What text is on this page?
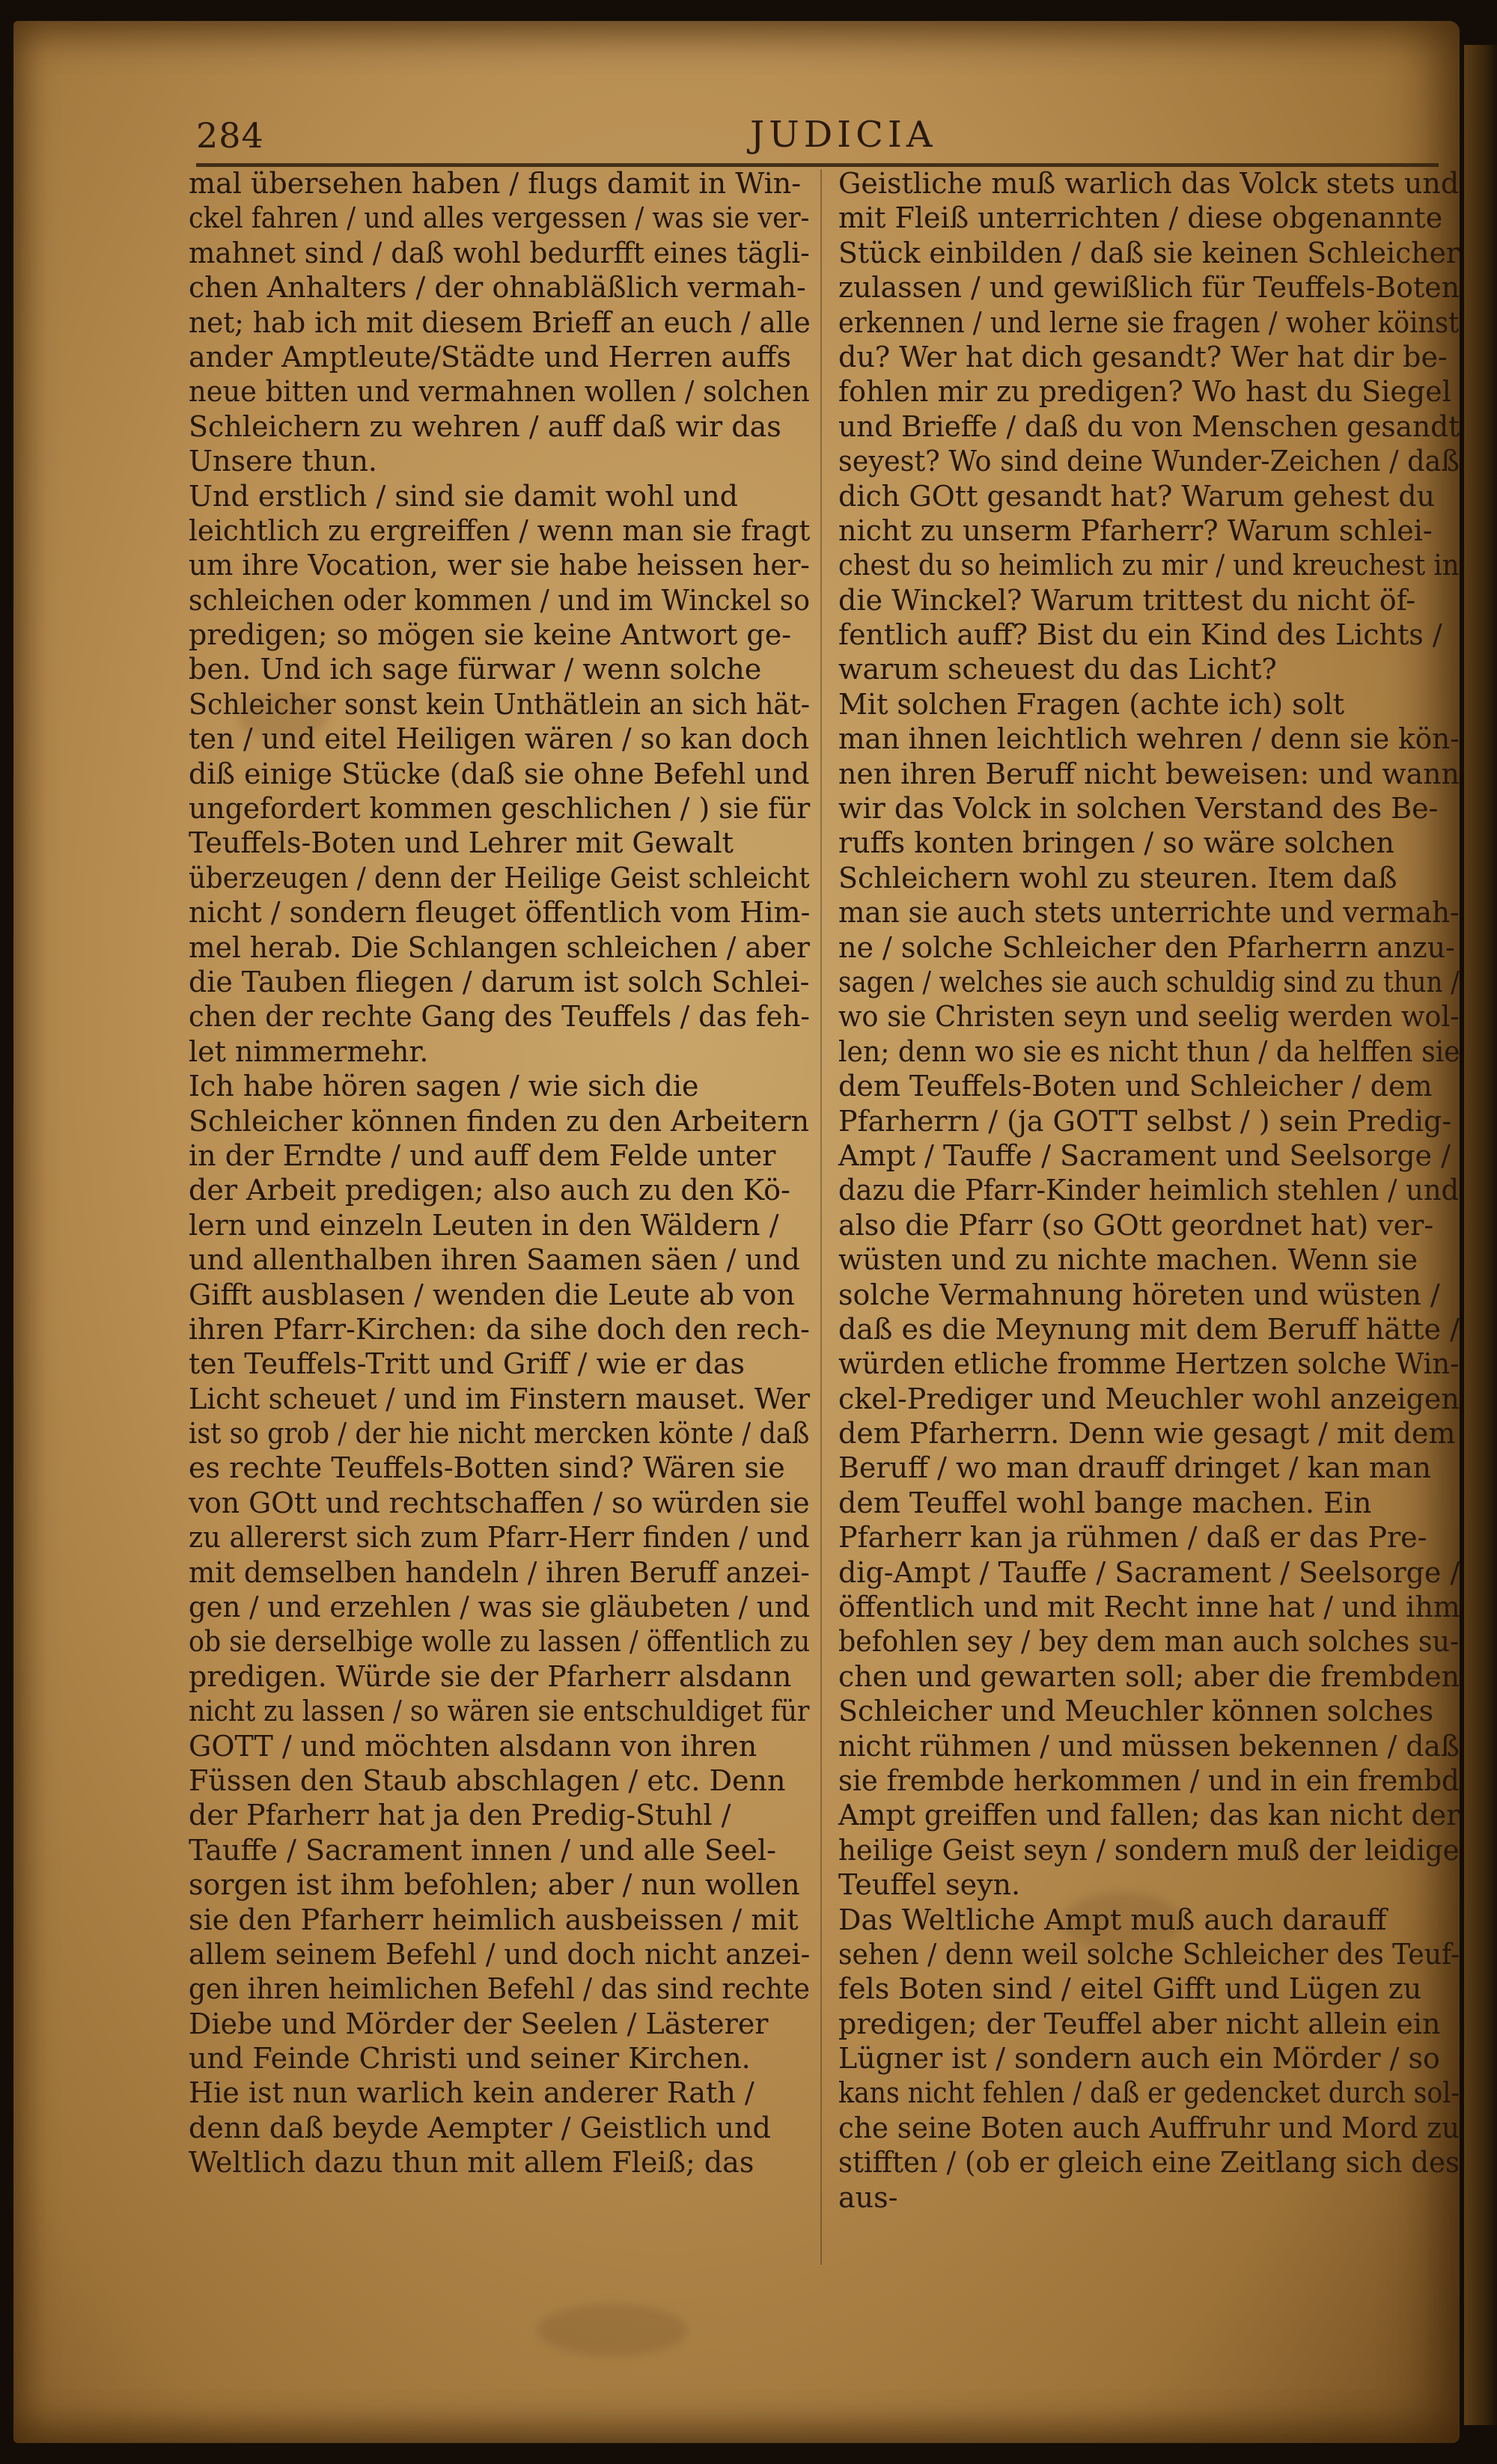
284	JUDICIA
mal übersehen haben / flugs damit in Win-
ckel fahren / und alles vergessen / was sie ver-
mahnet sind / daß wohl bedurfft eines tägli-
chen Anhalters / der ohnabläßlich vermah-
net; hab ich mit diesem Brieff an euch / alle
ander Amptleute/Städte und Herren auffs
neue bitten und vermahnen wollen / solchen
Schleichern zu wehren / auff daß wir das
Unsere thun.
Und erstlich / sind sie damit wohl und
leichtlich zu ergreiffen / wenn man sie fragt
um ihre Vocation, wer sie habe heissen her-
schleichen oder kommen / und im Winckel so
predigen; so mögen sie keine Antwort ge-
ben. Und ich sage fürwar / wenn solche
Schleicher sonst kein Unthätlein an sich hät-
ten / und eitel Heiligen wären / so kan doch
diß einige Stücke (daß sie ohne Befehl und
ungefordert kommen geschlichen / ) sie für
Teuffels-Boten und Lehrer mit Gewalt
überzeugen / denn der Heilige Geist schleicht
nicht / sondern fleuget öffentlich vom Him-
mel herab. Die Schlangen schleichen / aber
die Tauben fliegen / darum ist solch Schlei-
chen der rechte Gang des Teuffels / das feh-
let nimmermehr.
Ich habe hören sagen / wie sich die
Schleicher können finden zu den Arbeitern
in der Erndte / und auff dem Felde unter
der Arbeit predigen; also auch zu den Kö-
lern und einzeln Leuten in den Wäldern /
und allenthalben ihren Saamen säen / und
Gifft ausblasen / wenden die Leute ab von
ihren Pfarr-Kirchen: da sihe doch den rech-
ten Teuffels-Tritt und Griff / wie er das
Licht scheuet / und im Finstern mauset. Wer
ist so grob / der hie nicht mercken könte / daß
es rechte Teuffels-Botten sind? Wären sie
von GOtt und rechtschaffen / so würden sie
zu allererst sich zum Pfarr-Herr finden / und
mit demselben handeln / ihren Beruff anzei-
gen / und erzehlen / was sie gläubeten / und
ob sie derselbige wolle zu lassen / öffentlich zu
predigen. Würde sie der Pfarherr alsdann
nicht zu lassen / so wären sie entschuldiget für
GOTT / und möchten alsdann von ihren
Füssen den Staub abschlagen / etc. Denn
der Pfarherr hat ja den Predig-Stuhl /
Tauffe / Sacrament innen / und alle Seel-
sorgen ist ihm befohlen; aber / nun wollen
sie den Pfarherr heimlich ausbeissen / mit
allem seinem Befehl / und doch nicht anzei-
gen ihren heimlichen Befehl / das sind rechte
Diebe und Mörder der Seelen / Lästerer
und Feinde Christi und seiner Kirchen.
Hie ist nun warlich kein anderer Rath /
denn daß beyde Aempter / Geistlich und
Weltlich dazu thun mit allem Fleiß; das
Geistliche muß warlich das Volck stets und
mit Fleiß unterrichten / diese obgenannte
Stück einbilden / daß sie keinen Schleicher
zulassen / und gewißlich für Teuffels-Boten
erkennen / und lerne sie fragen / woher köinst
du? Wer hat dich gesandt? Wer hat dir be-
fohlen mir zu predigen? Wo hast du Siegel
und Brieffe / daß du von Menschen gesandt
seyest? Wo sind deine Wunder-Zeichen / daß
dich GOtt gesandt hat? Warum gehest du
nicht zu unserm Pfarherr? Warum schlei-
chest du so heimlich zu mir / und kreuchest in
die Winckel? Warum trittest du nicht öf-
fentlich auff? Bist du ein Kind des Lichts /
warum scheuest du das Licht?
Mit solchen Fragen (achte ich) solt
man ihnen leichtlich wehren / denn sie kön-
nen ihren Beruff nicht beweisen: und wann
wir das Volck in solchen Verstand des Be-
ruffs konten bringen / so wäre solchen
Schleichern wohl zu steuren. Item daß
man sie auch stets unterrichte und vermah-
ne / solche Schleicher den Pfarherrn anzu-
sagen / welches sie auch schuldig sind zu thun /
wo sie Christen seyn und seelig werden wol-
len; denn wo sie es nicht thun / da helffen sie
dem Teuffels-Boten und Schleicher / dem
Pfarherrn / (ja GOTT selbst / ) sein Predig-
Ampt / Tauffe / Sacrament und Seelsorge /
dazu die Pfarr-Kinder heimlich stehlen / und
also die Pfarr (so GOtt geordnet hat) ver-
wüsten und zu nichte machen. Wenn sie
solche Vermahnung höreten und wüsten /
daß es die Meynung mit dem Beruff hätte /
würden etliche fromme Hertzen solche Win-
ckel-Prediger und Meuchler wohl anzeigen
dem Pfarherrn. Denn wie gesagt / mit dem
Beruff / wo man drauff dringet / kan man
dem Teuffel wohl bange machen. Ein
Pfarherr kan ja rühmen / daß er das Pre-
dig-Ampt / Tauffe / Sacrament / Seelsorge /
öffentlich und mit Recht inne hat / und ihm
befohlen sey / bey dem man auch solches su-
chen und gewarten soll; aber die frembden
Schleicher und Meuchler können solches
nicht rühmen / und müssen bekennen / daß
sie frembde herkommen / und in ein frembd
Ampt greiffen und fallen; das kan nicht der
heilige Geist seyn / sondern muß der leidige
Teuffel seyn.
Das Weltliche Ampt muß auch darauff
sehen / denn weil solche Schleicher des Teuf-
fels Boten sind / eitel Gifft und Lügen zu
predigen; der Teuffel aber nicht allein ein
Lügner ist / sondern auch ein Mörder / so
kans nicht fehlen / daß er gedencket durch sol-
che seine Boten auch Auffruhr und Mord zu
stifften / (ob er gleich eine Zeitlang sich des
aus-
